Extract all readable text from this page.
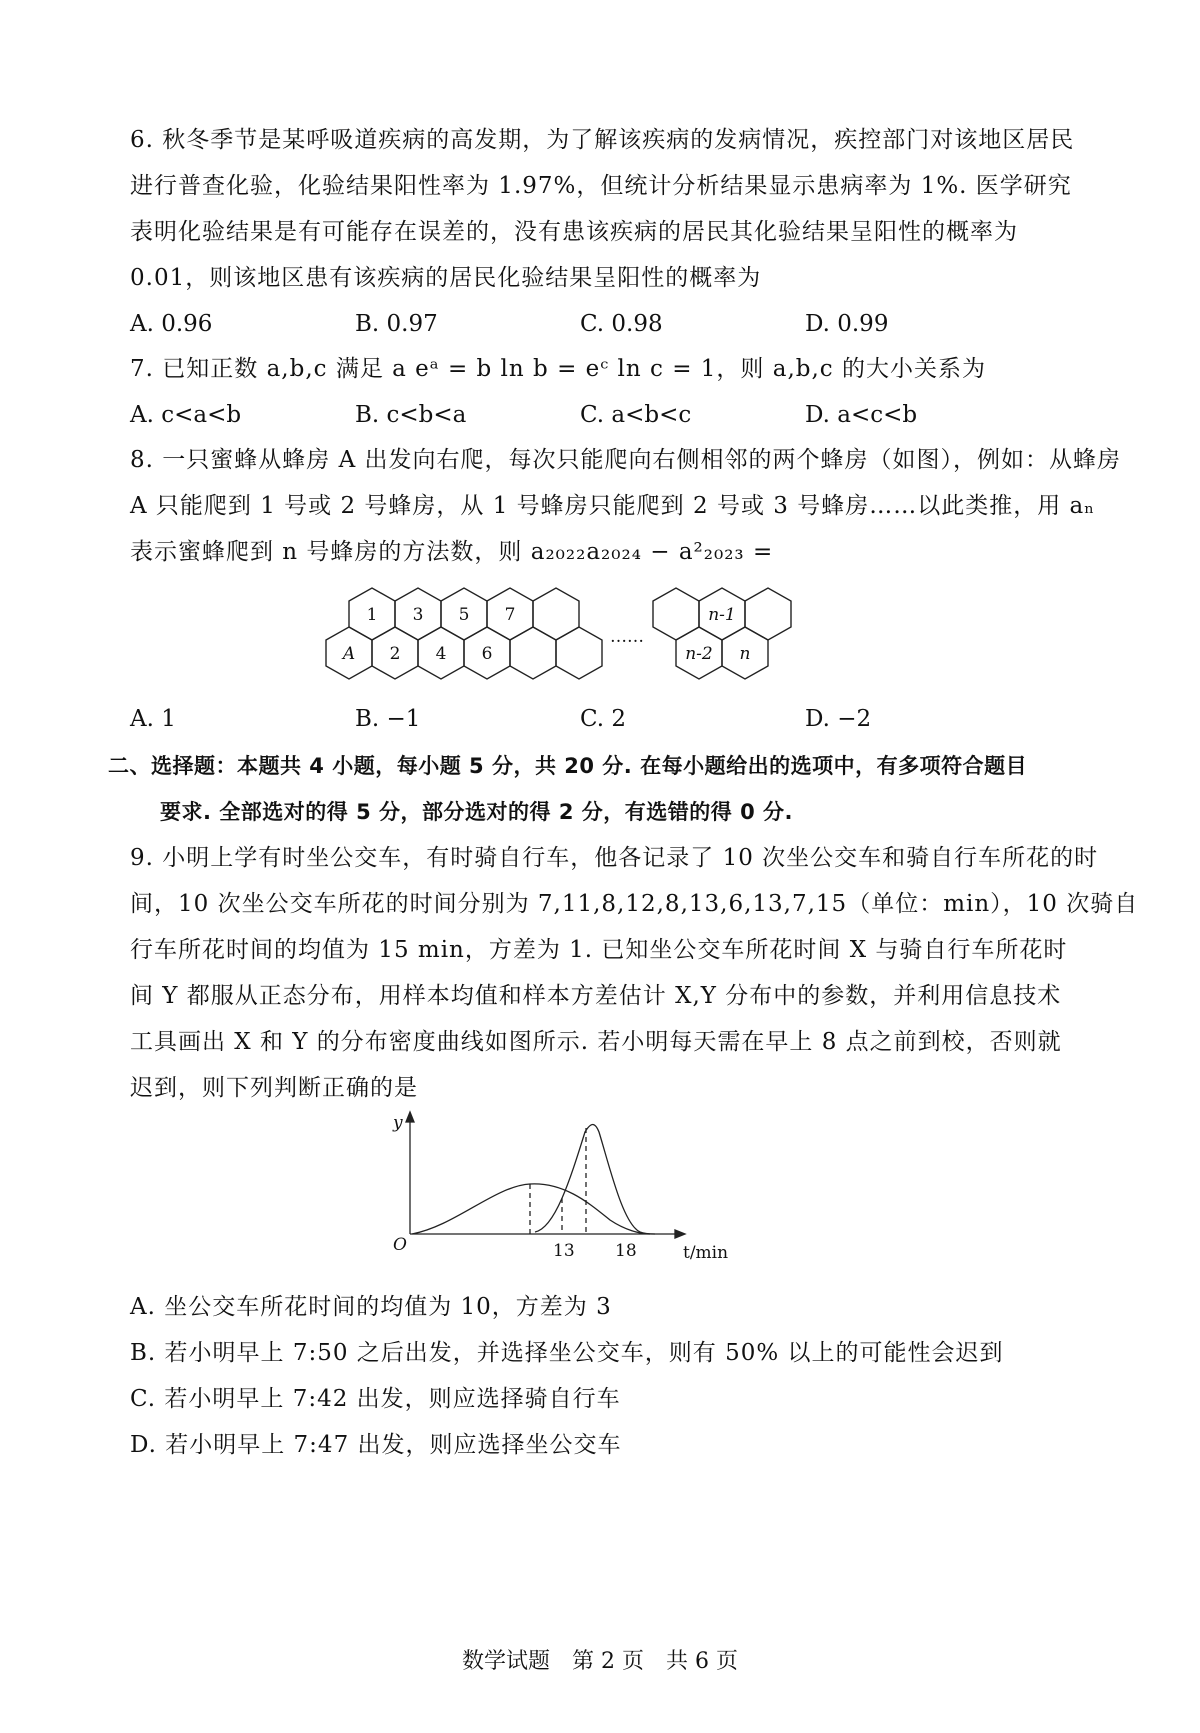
6. 秋冬季节是某呼吸道疾病的高发期，为了解该疾病的发病情况，疾控部门对该地区居民
进行普查化验，化验结果阳性率为 1.97%，但统计分析结果显示患病率为 1%. 医学研究
表明化验结果是有可能存在误差的，没有患该疾病的居民其化验结果呈阳性的概率为
0.01，则该地区患有该疾病的居民化验结果呈阳性的概率为
A. 0.96	B. 0.97	C. 0.98	D. 0.99
7. 已知正数 a,b,c 满足 a eᵃ = b ln b = eᶜ ln c = 1，则 a,b,c 的大小关系为
A. c<a<b	B. c<b<a	C. a<b<c	D. a<c<b
8. 一只蜜蜂从蜂房 A 出发向右爬，每次只能爬向右侧相邻的两个蜂房（如图），例如：从蜂房
A 只能爬到 1 号或 2 号蜂房，从 1 号蜂房只能爬到 2 号或 3 号蜂房……以此类推，用 aₙ
表示蜜蜂爬到 n 号蜂房的方法数，则 a₂₀₂₂a₂₀₂₄ − a²₂₀₂₃ =
1 3 5 7
A 2 4 6
……
n-1
n-2 n
A. 1	B. −1	C. 2	D. −2
二、选择题：本题共 4 小题，每小题 5 分，共 20 分. 在每小题给出的选项中，有多项符合题目
要求. 全部选对的得 5 分，部分选对的得 2 分，有选错的得 0 分.
9. 小明上学有时坐公交车，有时骑自行车，他各记录了 10 次坐公交车和骑自行车所花的时
间，10 次坐公交车所花的时间分别为 7,11,8,12,8,13,6,13,7,15（单位：min），10 次骑自
行车所花时间的均值为 15 min，方差为 1. 已知坐公交车所花时间 X 与骑自行车所花时
间 Y 都服从正态分布，用样本均值和样本方差估计 X,Y 分布中的参数，并利用信息技术
工具画出 X 和 Y 的分布密度曲线如图所示. 若小明每天需在早上 8 点之前到校，否则就
迟到，则下列判断正确的是
y
O	13 18	t/min
A. 坐公交车所花时间的均值为 10，方差为 3
B. 若小明早上 7:50 之后出发，并选择坐公交车，则有 50% 以上的可能性会迟到
C. 若小明早上 7:42 出发，则应选择骑自行车
D. 若小明早上 7:47 出发，则应选择坐公交车
数学试题　第 2 页　共 6 页
